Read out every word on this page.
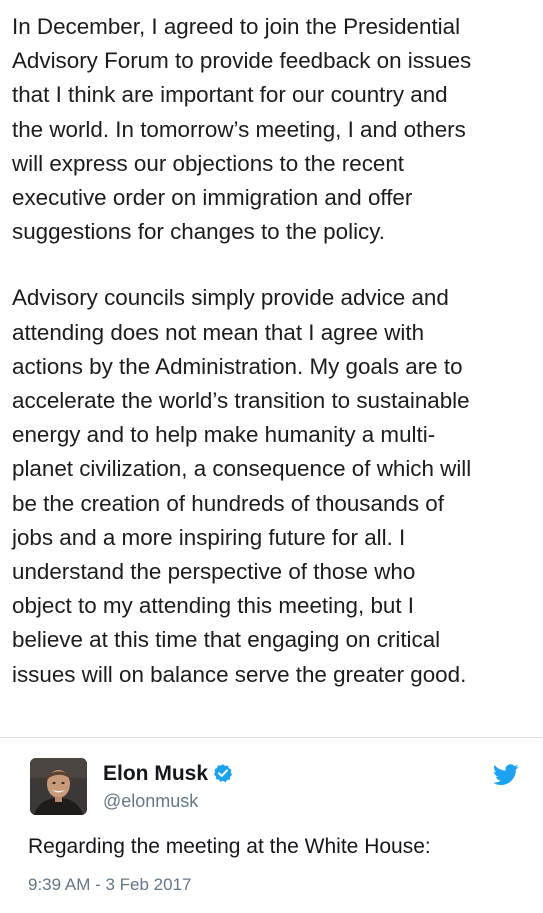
In December, I agreed to join the Presidential
Advisory Forum to provide feedback on issues
that I think are important for our country and
the world. In tomorrow’s meeting, I and others
will express our objections to the recent
executive order on immigration and offer
suggestions for changes to the policy.

Advisory councils simply provide advice and
attending does not mean that I agree with
actions by the Administration. My goals are to
accelerate the world’s transition to sustainable
energy and to help make humanity a multi-
planet civilization, a consequence of which will
be the creation of hundreds of thousands of
jobs and a more inspiring future for all. I
understand the perspective of those who
object to my attending this meeting, but I
believe at this time that engaging on critical
issues will on balance serve the greater good.

Elon Musk
@elonmusk
Regarding the meeting at the White House:
9:39 AM - 3 Feb 2017
